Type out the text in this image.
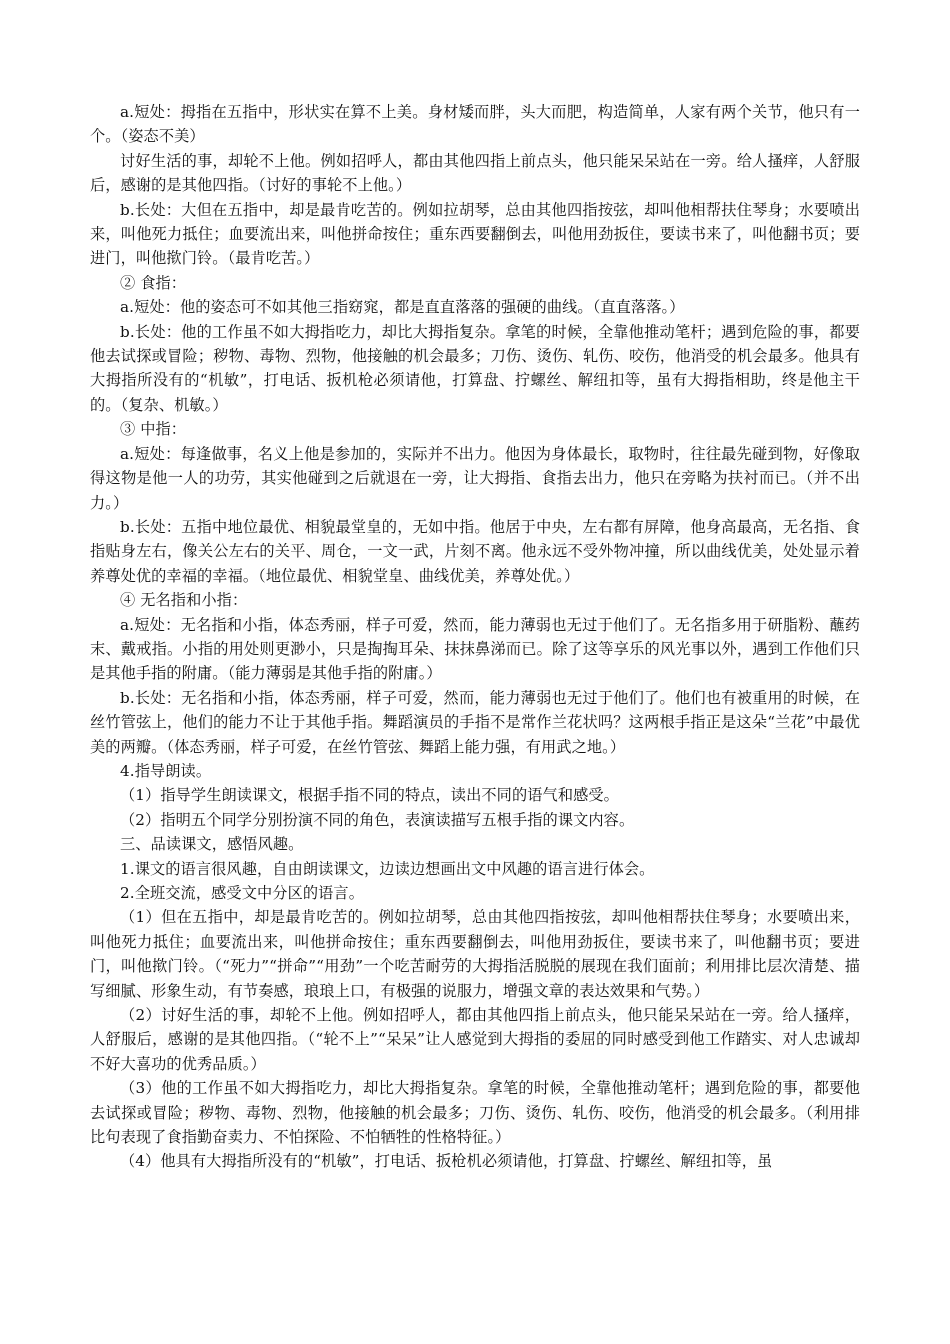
a.短处：拇指在五指中，形状实在算不上美。身材矮而胖，头大而肥，构造简单，人家有两个关节，他只有一个。（姿态不美）

讨好生活的事，却轮不上他。例如招呼人，都由其他四指上前点头，他只能呆呆站在一旁。给人搔痒，人舒服后，感谢的是其他四指。（讨好的事轮不上他。）

b.长处：大但在五指中，却是最肯吃苦的。例如拉胡琴，总由其他四指按弦，却叫他相帮扶住琴身；水要喷出来，叫他死力抵住；血要流出来，叫他拼命按住；重东西要翻倒去，叫他用劲扳住，要读书来了，叫他翻书页；要进门，叫他揿门铃。（最肯吃苦。）

② 食指：

a.短处：他的姿态可不如其他三指窈窕，都是直直落落的强硬的曲线。（直直落落。）

b.长处：他的工作虽不如大拇指吃力，却比大拇指复杂。拿笔的时候，全靠他推动笔杆；遇到危险的事，都要他去试探或冒险；秽物、毒物、烈物，他接触的机会最多；刀伤、烫伤、轧伤、咬伤，他消受的机会最多。他具有大拇指所没有的“机敏”，打电话、扳机枪必须请他，打算盘、拧螺丝、解纽扣等，虽有大拇指相助，终是他主干的。（复杂、机敏。）

③ 中指：

a.短处：每逢做事，名义上他是参加的，实际并不出力。他因为身体最长，取物时，往往最先碰到物，好像取得这物是他一人的功劳，其实他碰到之后就退在一旁，让大拇指、食指去出力，他只在旁略为扶衬而已。（并不出力。）

b.长处：五指中地位最优、相貌最堂皇的，无如中指。他居于中央，左右都有屏障，他身高最高，无名指、食指贴身左右，像关公左右的关平、周仓，一文一武，片刻不离。他永远不受外物冲撞，所以曲线优美，处处显示着养尊处优的幸福的幸福。（地位最优、相貌堂皇、曲线优美，养尊处优。）

④ 无名指和小指：

a.短处：无名指和小指，体态秀丽，样子可爱，然而，能力薄弱也无过于他们了。无名指多用于研脂粉、蘸药末、戴戒指。小指的用处则更渺小，只是掏掏耳朵、抹抹鼻涕而已。除了这等享乐的风光事以外，遇到工作他们只是其他手指的附庸。（能力薄弱是其他手指的附庸。）

b.长处：无名指和小指，体态秀丽，样子可爱，然而，能力薄弱也无过于他们了。他们也有被重用的时候，在丝竹管弦上，他们的能力不让于其他手指。舞蹈演员的手指不是常作兰花状吗？这两根手指正是这朵“兰花”中最优美的两瓣。（体态秀丽，样子可爱，在丝竹管弦、舞蹈上能力强，有用武之地。）

4.指导朗读。

（1）指导学生朗读课文，根据手指不同的特点，读出不同的语气和感受。

（2）指明五个同学分别扮演不同的角色，表演读描写五根手指的课文内容。

三、品读课文，感悟风趣。

1.课文的语言很风趣，自由朗读课文，边读边想画出文中风趣的语言进行体会。

2.全班交流，感受文中分区的语言。

（1）但在五指中，却是最肯吃苦的。例如拉胡琴，总由其他四指按弦，却叫他相帮扶住琴身；水要喷出来，叫他死力抵住；血要流出来，叫他拼命按住；重东西要翻倒去，叫他用劲扳住，要读书来了，叫他翻书页；要进门，叫他揿门铃。（“死力”“拼命”“用劲”一个吃苦耐劳的大拇指活脱脱的展现在我们面前；利用排比层次清楚、描写细腻、形象生动，有节奏感，琅琅上口，有极强的说服力，增强文章的表达效果和气势。）

（2）讨好生活的事，却轮不上他。例如招呼人，都由其他四指上前点头，他只能呆呆站在一旁。给人搔痒，人舒服后，感谢的是其他四指。（“轮不上”“呆呆”让人感觉到大拇指的委屈的同时感受到他工作踏实、对人忠诚却不好大喜功的优秀品质。）

（3）他的工作虽不如大拇指吃力，却比大拇指复杂。拿笔的时候，全靠他推动笔杆；遇到危险的事，都要他去试探或冒险；秽物、毒物、烈物，他接触的机会最多；刀伤、烫伤、轧伤、咬伤，他消受的机会最多。（利用排比句表现了食指勤奋卖力、不怕探险、不怕牺牲的性格特征。）

（4）他具有大拇指所没有的“机敏”，打电话、扳枪机必须请他，打算盘、拧螺丝、解纽扣等，虽
